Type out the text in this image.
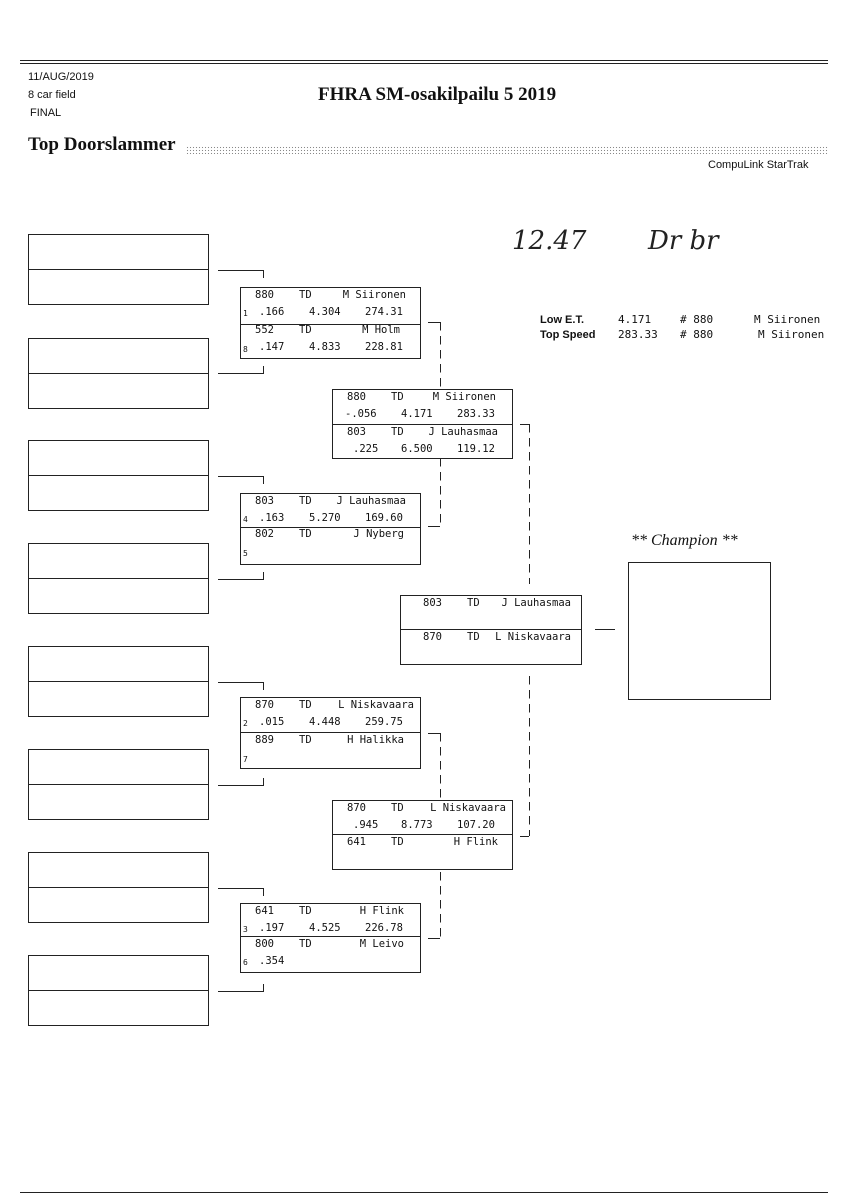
11/AUG/2019
8 car field
FINAL
FHRA SM-osakilpailu 5 2019
Top Doorslammer
CompuLink StarTrak
12.47 Dr br
Low E.T.	4.171	# 880	M Siironen
Top Speed	283.33	# 880	M Siironen
880 TD	M Siironen
1 .166 4.304 274.31
552 TD	M Holm
8 .147 4.833 228.81
803 TD J Lauhasmaa
4 .163 5.270 169.60
802 TD	J Nyberg
5
870 TD	L Niskavaara
2 .015 4.448 259.75
889 TD	H Halikka
7
641 TD	H Flink
3 .197 4.525 226.78
800 TD	M Leivo
6 .354
880 TD	M Siironen
-.056 4.171 283.33
803 TD J Lauhasmaa
.225 6.500 119.12
870 TD	L Niskavaara
.945 8.773 107.20
641 TD	H Flink
803 TD J Lauhasmaa
870 TD L Niskavaara
** Champion **
